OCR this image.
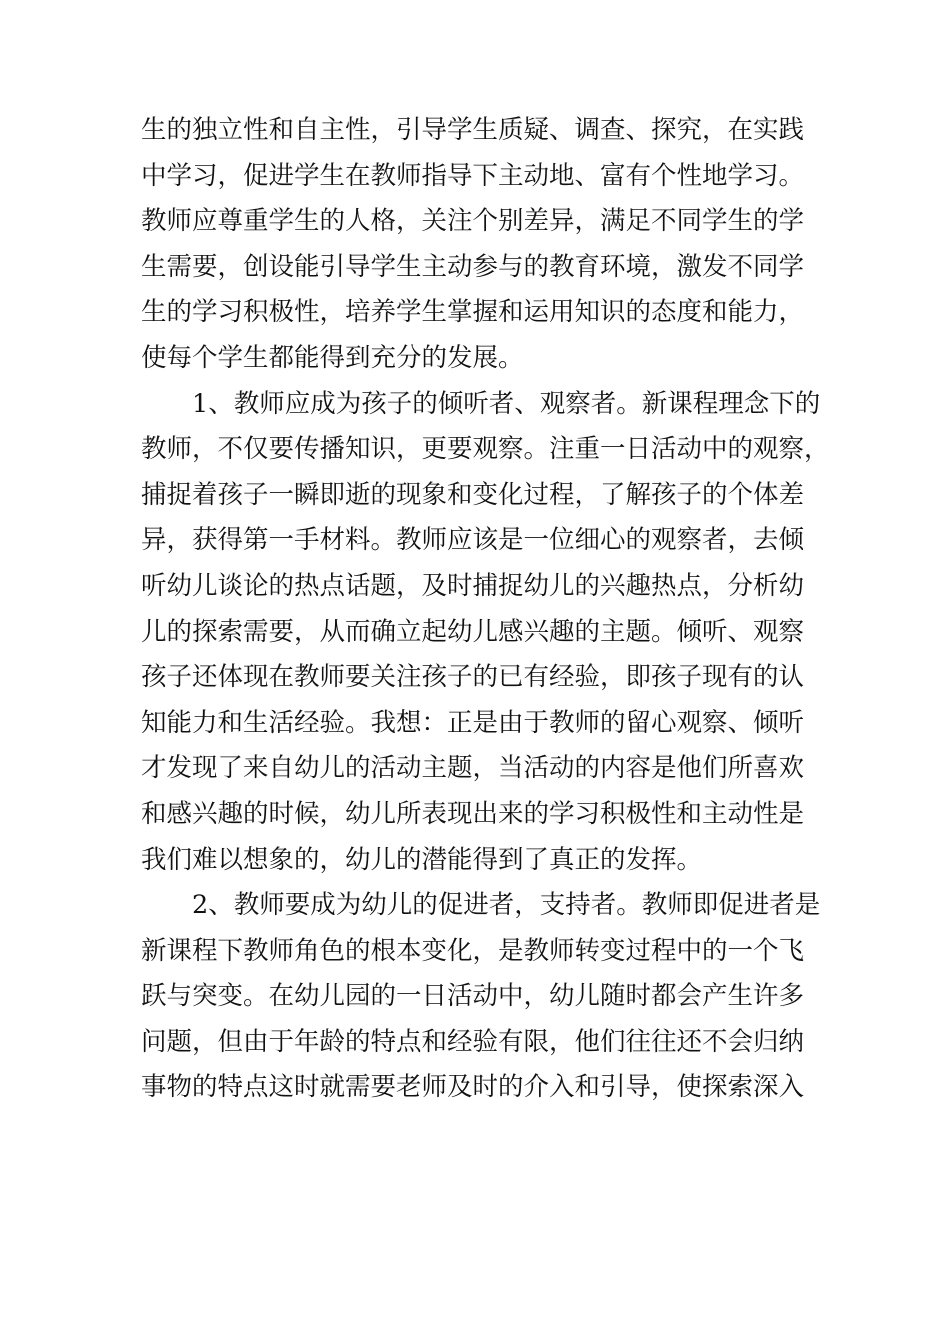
生的独立性和自主性，引导学生质疑、调查、探究，在实践
中学习，促进学生在教师指导下主动地、富有个性地学习。
教师应尊重学生的人格，关注个别差异，满足不同学生的学
生需要，创设能引导学生主动参与的教育环境，激发不同学
生的学习积极性，培养学生掌握和运用知识的态度和能力，
使每个学生都能得到充分的发展。
1、教师应成为孩子的倾听者、观察者。新课程理念下的
教师，不仅要传播知识，更要观察。注重一日活动中的观察，
捕捉着孩子一瞬即逝的现象和变化过程，了解孩子的个体差
异，获得第一手材料。教师应该是一位细心的观察者，去倾
听幼儿谈论的热点话题，及时捕捉幼儿的兴趣热点，分析幼
儿的探索需要，从而确立起幼儿感兴趣的主题。倾听、观察
孩子还体现在教师要关注孩子的已有经验，即孩子现有的认
知能力和生活经验。我想：正是由于教师的留心观察、倾听
才发现了来自幼儿的活动主题，当活动的内容是他们所喜欢
和感兴趣的时候，幼儿所表现出来的学习积极性和主动性是
我们难以想象的，幼儿的潜能得到了真正的发挥。
2、教师要成为幼儿的促进者，支持者。教师即促进者是
新课程下教师角色的根本变化，是教师转变过程中的一个飞
跃与突变。在幼儿园的一日活动中，幼儿随时都会产生许多
问题，但由于年龄的特点和经验有限，他们往往还不会归纳
事物的特点这时就需要老师及时的介入和引导，使探索深入
